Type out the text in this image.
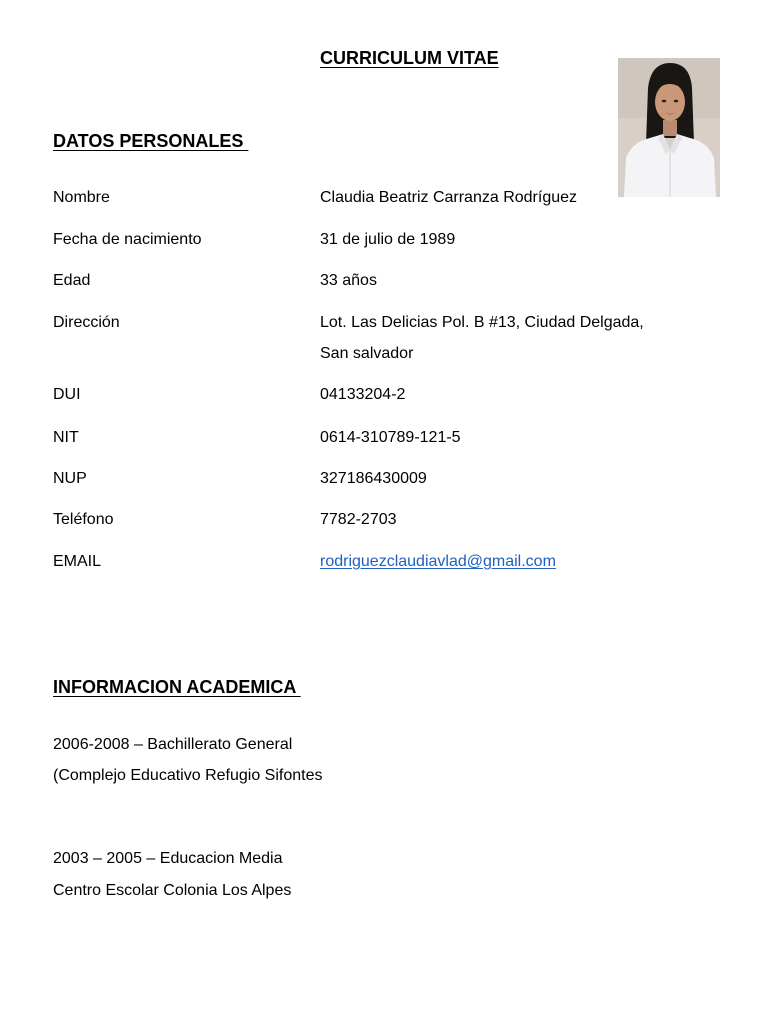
CURRICULUM VITAE
DATOS PERSONALES
Nombre	Claudia Beatriz Carranza Rodríguez
Fecha de nacimiento	31 de julio de 1989
Edad	33 años
Dirección	Lot. Las Delicias Pol. B #13, Ciudad Delgada,
San salvador
DUI	04133204-2
NIT	0614-310789-121-5
NUP	327186430009
Teléfono	7782-2703
EMAIL	rodriguezclaudiavlad@gmail.com
INFORMACION ACADEMICA
2006-2008 – Bachillerato General
(Complejo Educativo Refugio Sifontes
2003 – 2005 – Educacion Media
Centro Escolar Colonia Los Alpes
